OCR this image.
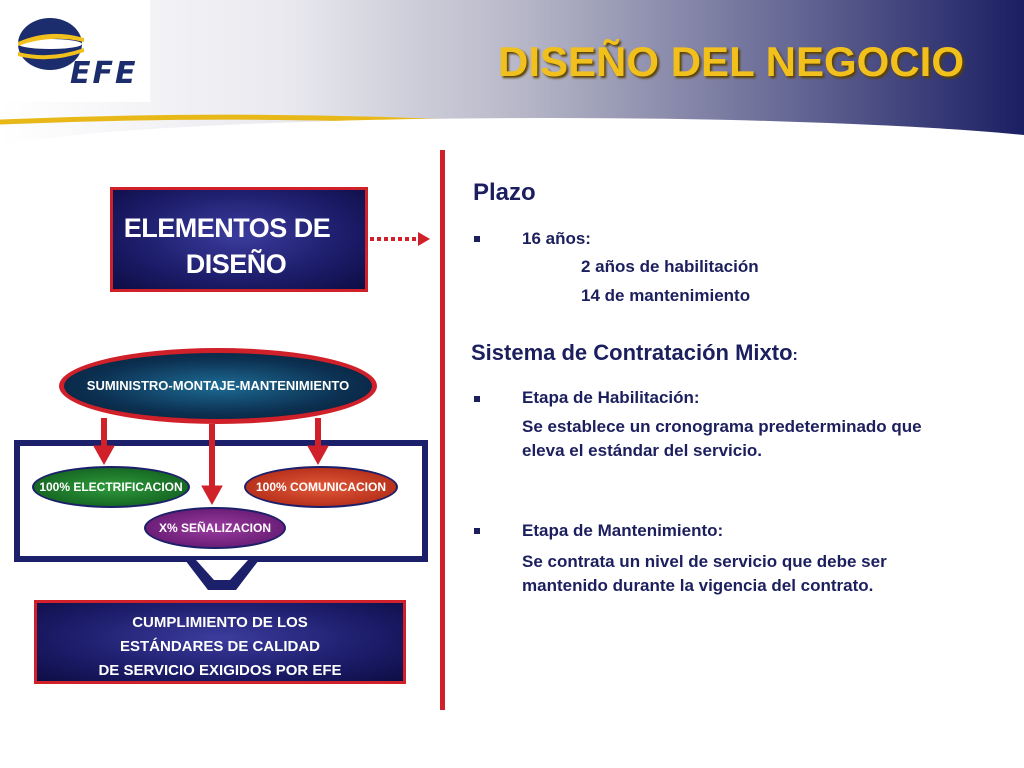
EFE	DISEÑO DEL NEGOCIO
ELEMENTOS DE
DISEÑO
SUMINISTRO-MONTAJE-MANTENIMIENTO
100% ELECTRIFICACION	100% COMUNICACION
X% SEÑALIZACION
CUMPLIMIENTO DE LOS
ESTÁNDARES DE CALIDAD
DE SERVICIO EXIGIDOS POR EFE
Plazo

16 años:

2 años de habilitación

14 de mantenimiento

Sistema de Contratación Mixto:

Etapa de Habilitación:

Se establece un cronograma predeterminado que eleva el estándar del servicio.

Etapa de Mantenimiento:

Se contrata un nivel de servicio que debe ser mantenido durante la vigencia del contrato.
